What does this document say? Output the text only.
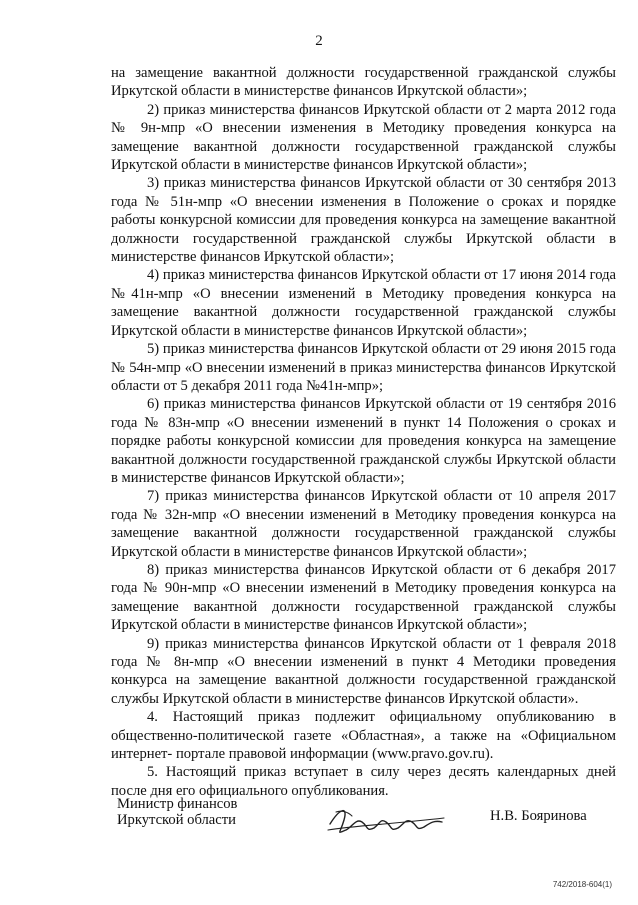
2

на замещение вакантной должности государственной гражданской службы Иркутской области в министерстве финансов Иркутской области»;

2) приказ министерства финансов Иркутской области от 2 марта 2012 года № 9н-мпр «О внесении изменения в Методику проведения конкурса на замещение вакантной должности государственной гражданской службы Иркутской области в министерстве финансов Иркутской области»;

3) приказ министерства финансов Иркутской области от 30 сентября 2013 года № 51н-мпр «О внесении изменения в Положение о сроках и порядке работы конкурсной комиссии для проведения конкурса на замещение вакантной должности государственной гражданской службы Иркутской области в министерстве финансов Иркутской области»;

4) приказ министерства финансов Иркутской области от 17 июня 2014 года №41н-мпр «О внесении изменений в Методику проведения конкурса на замещение вакантной должности государственной гражданской службы Иркутской области в министерстве финансов Иркутской области»;

5) приказ министерства финансов Иркутской области от 29 июня 2015 года № 54н-мпр «О внесении изменений в приказ министерства финансов Иркутской области от 5 декабря 2011 года №41н-мпр»;

6) приказ министерства финансов Иркутской области от 19 сентября 2016 года № 83н-мпр «О внесении изменений в пункт 14 Положения о сроках и порядке работы конкурсной комиссии для проведения конкурса на замещение вакантной должности государственной гражданской службы Иркутской области в министерстве финансов Иркутской области»;

7) приказ министерства финансов Иркутской области от 10 апреля 2017 года № 32н-мпр «О внесении изменений в Методику проведения конкурса на замещение вакантной должности государственной гражданской службы Иркутской области в министерстве финансов Иркутской области»;

8) приказ министерства финансов Иркутской области от 6 декабря 2017 года № 90н-мпр «О внесении изменений в Методику проведения конкурса на замещение вакантной должности государственной гражданской службы Иркутской области в министерстве финансов Иркутской области»;

9) приказ министерства финансов Иркутской области от 1 февраля 2018 года № 8н-мпр «О внесении изменений в пункт 4 Методики проведения конкурса на замещение вакантной должности государственной гражданской службы Иркутской области в министерстве финансов Иркутской области».

4. Настоящий приказ подлежит официальному опубликованию в общественно-политической газете «Областная», а также на «Официальном интернет- портале правовой информации (www.pravo.gov.ru).

5. Настоящий приказ вступает в силу через десять календарных дней после дня его официального опубликования.

Министр финансов
Иркутской области	Н.В. Бояринова
742/2018-604(1)
